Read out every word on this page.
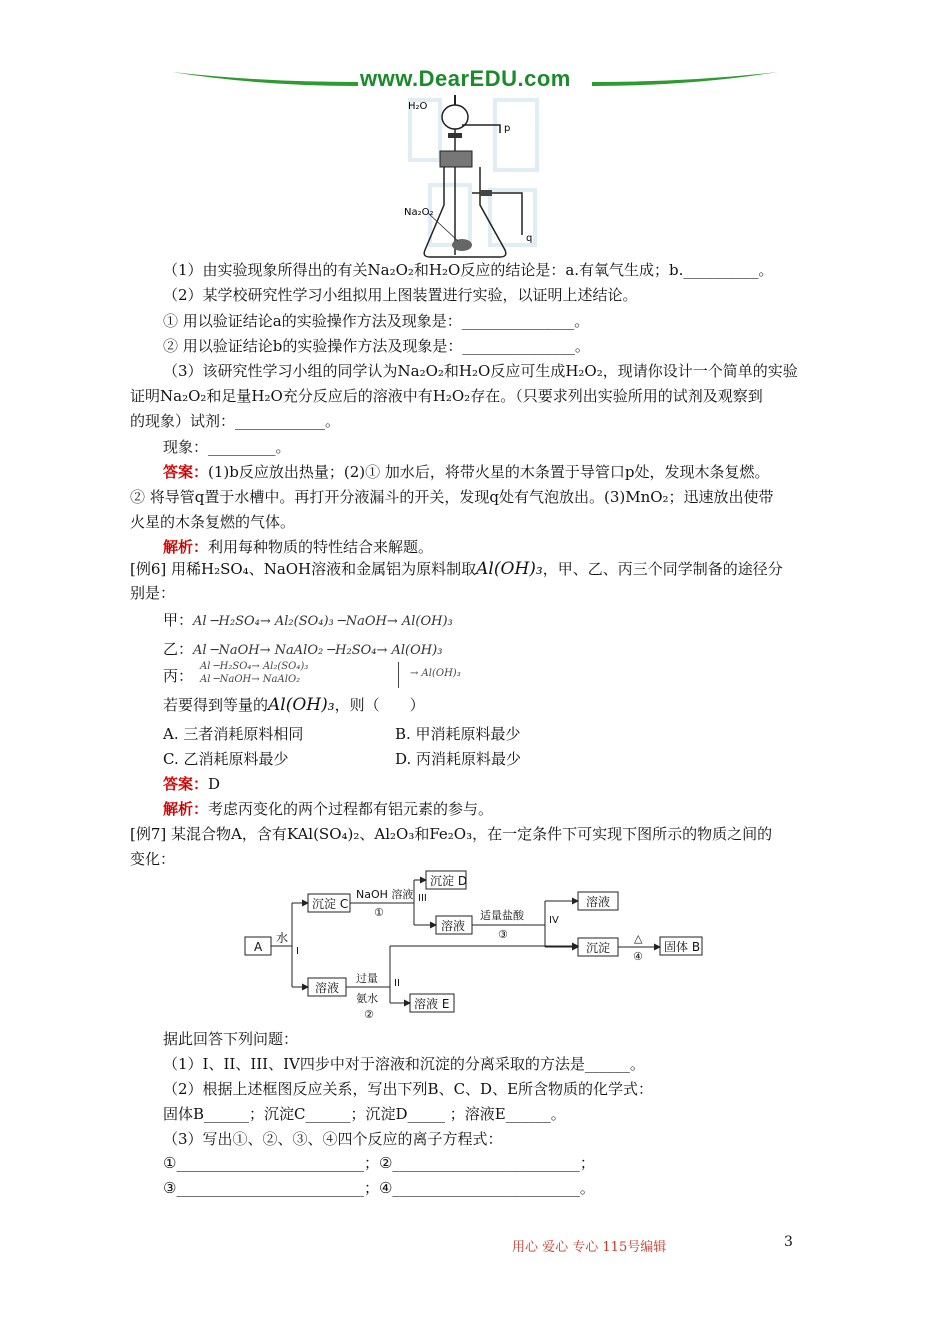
www.DearEDU.com
H₂O
p
Na₂O₂
q
（1）由实验现象所得出的有关Na₂O₂和H₂O反应的结论是：a.有氧气生成；b.__________。
（2）某学校研究性学习小组拟用上图装置进行实验，以证明上述结论。
① 用以验证结论a的实验操作方法及现象是：_______________。
② 用以验证结论b的实验操作方法及现象是：_______________。
（3）该研究性学习小组的同学认为Na₂O₂和H₂O反应可生成H₂O₂，现请你设计一个简单的实验
证明Na₂O₂和足量H₂O充分反应后的溶液中有H₂O₂存在。（只要求列出实验所用的试剂及观察到
的现象）试剂：____________。
现象：_________。
答案：(1)b反应放出热量；(2)① 加水后，将带火星的木条置于导管口p处，发现木条复燃。
② 将导管q置于水槽中。再打开分液漏斗的开关，发现q处有气泡放出。(3)MnO₂；迅速放出使带
火星的木条复燃的气体。
解析：利用每种物质的特性结合来解题。
[例6] 用稀H₂SO₄、NaOH溶液和金属铝为原料制取Al(OH)₃，甲、乙、丙三个同学制备的途径分
别是：
甲：Al ─H₂SO₄→ Al₂(SO₄)₃ ─NaOH→ Al(OH)₃
乙：Al ─NaOH→ NaAlO₂ ─H₂SO₄→ Al(OH)₃
丙：
Al ─H₂SO₄→ Al₂(SO₄)₃
Al ─NaOH→ NaAlO₂
→ Al(OH)₃
若要得到等量的Al(OH)₃，则（　　）
A. 三者消耗原料相同	B. 甲消耗原料最少
C. 乙消耗原料最少	D. 丙消耗原料最少
答案：D
解析：考虑丙变化的两个过程都有铝元素的参与。
[例7] 某混合物A，含有KAl(SO₄)₂、Al₂O₃和Fe₂O₃，在一定条件下可实现下图所示的物质之间的
变化：
A
水
I
沉淀 C
NaOH 溶液
①
III
沉淀 D
溶液
适量盐酸
③
IV
溶液
沉淀
△
④
固体 B
溶液
过量
氨水
②
II
溶液 E
据此回答下列问题：
（1）I、II、III、IV四步中对于溶液和沉淀的分离采取的方法是______。
（2）根据上述框图反应关系，写出下列B、C、D、E所含物质的化学式：
固体B______；沉淀C______；沉淀D_____ ；溶液E______。
（3）写出①、②、③、④四个反应的离子方程式：
①_________________________；②_________________________；
③_________________________；④_________________________。
用心 爱心 专心 115号编辑	3
